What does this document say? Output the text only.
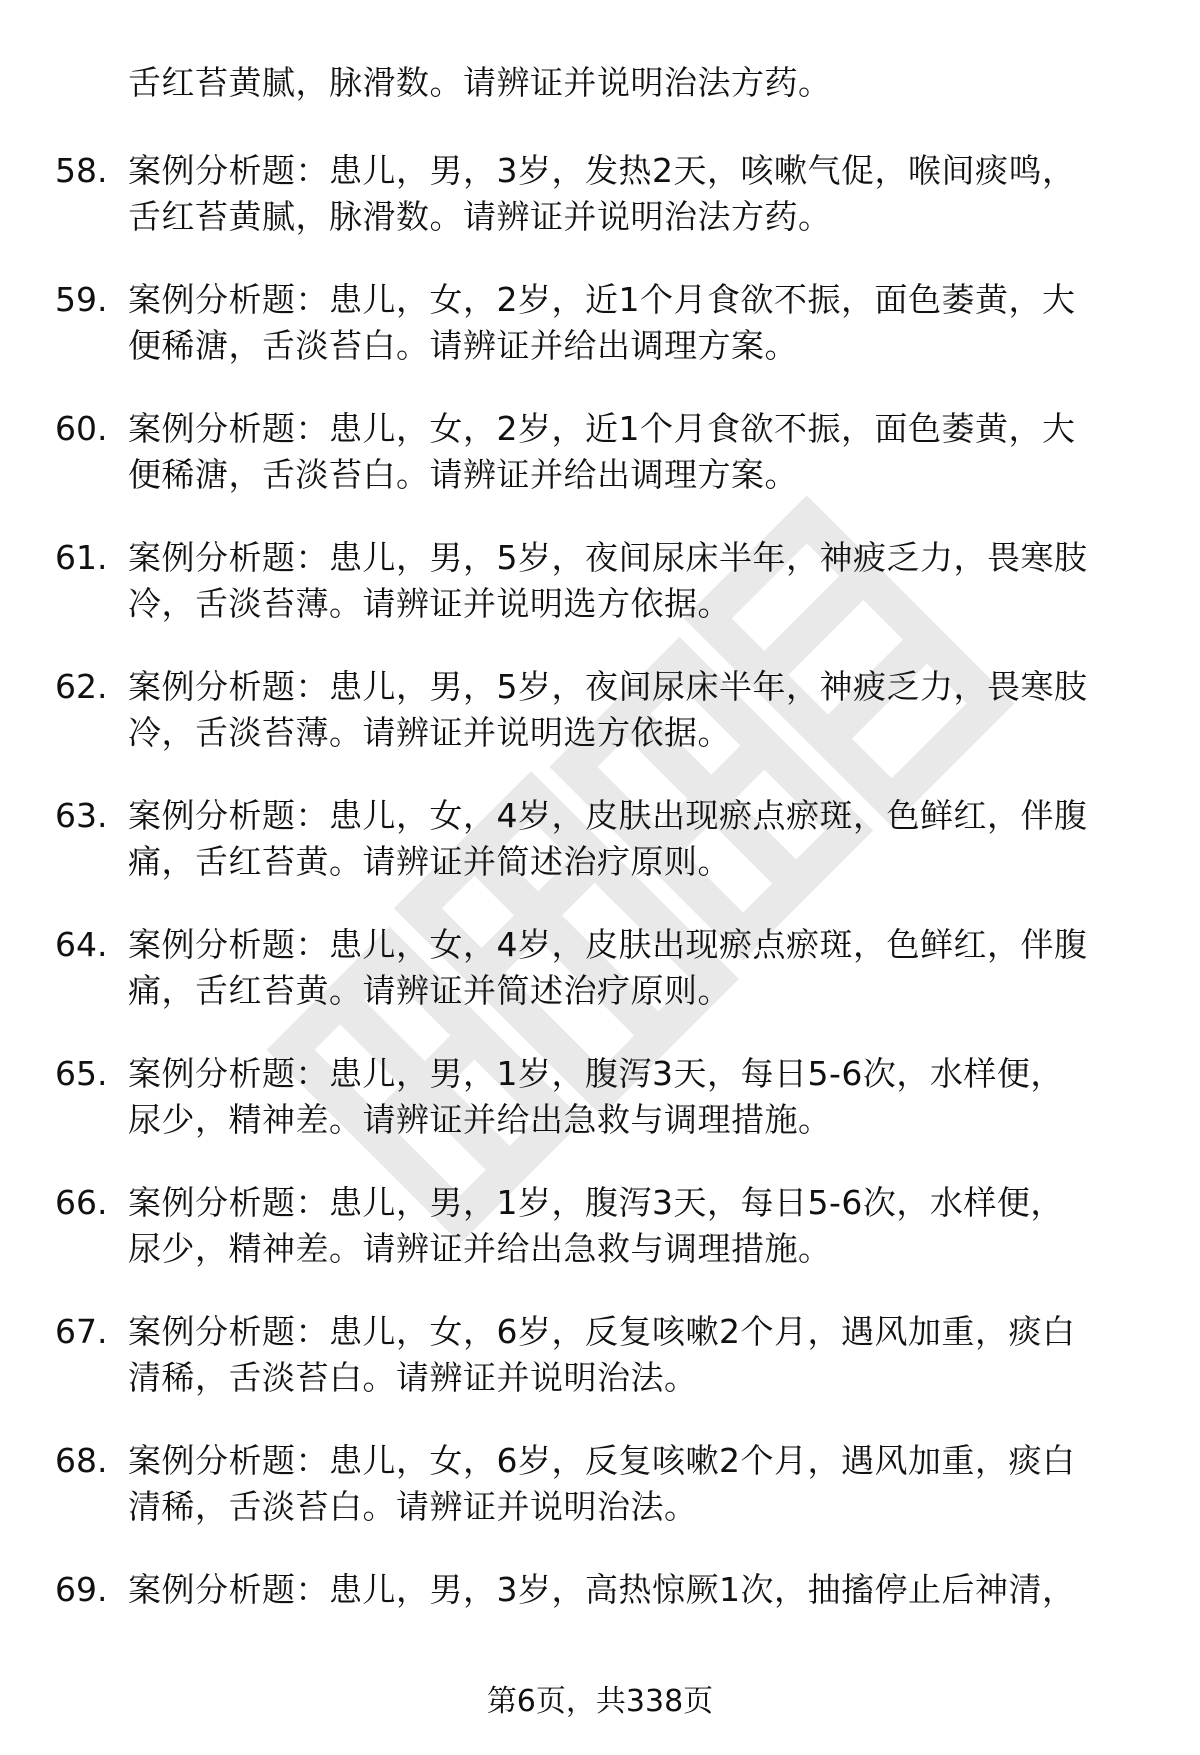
舌红苔黄腻，脉滑数。请辨证并说明治法方药。
58. 案例分析题：患儿，男，3岁，发热2天，咳嗽气促，喉间痰鸣，
舌红苔黄腻，脉滑数。请辨证并说明治法方药。
59. 案例分析题：患儿，女，2岁，近1个月食欲不振，面色萎黄，大
便稀溏，舌淡苔白。请辨证并给出调理方案。
60. 案例分析题：患儿，女，2岁，近1个月食欲不振，面色萎黄，大
便稀溏，舌淡苔白。请辨证并给出调理方案。
61. 案例分析题：患儿，男，5岁，夜间尿床半年，神疲乏力，畏寒肢
冷，舌淡苔薄。请辨证并说明选方依据。
62. 案例分析题：患儿，男，5岁，夜间尿床半年，神疲乏力，畏寒肢
冷，舌淡苔薄。请辨证并说明选方依据。
63. 案例分析题：患儿，女，4岁，皮肤出现瘀点瘀斑，色鲜红，伴腹
痛，舌红苔黄。请辨证并简述治疗原则。
64. 案例分析题：患儿，女，4岁，皮肤出现瘀点瘀斑，色鲜红，伴腹
痛，舌红苔黄。请辨证并简述治疗原则。
65. 案例分析题：患儿，男，1岁，腹泻3天，每日5-6次，水样便，
尿少，精神差。请辨证并给出急救与调理措施。
66. 案例分析题：患儿，男，1岁，腹泻3天，每日5-6次，水样便，
尿少，精神差。请辨证并给出急救与调理措施。
67. 案例分析题：患儿，女，6岁，反复咳嗽2个月，遇风加重，痰白
清稀，舌淡苔白。请辨证并说明治法。
68. 案例分析题：患儿，女，6岁，反复咳嗽2个月，遇风加重，痰白
清稀，舌淡苔白。请辨证并说明治法。
69. 案例分析题：患儿，男，3岁，高热惊厥1次，抽搐停止后神清，
第6页，共338页
